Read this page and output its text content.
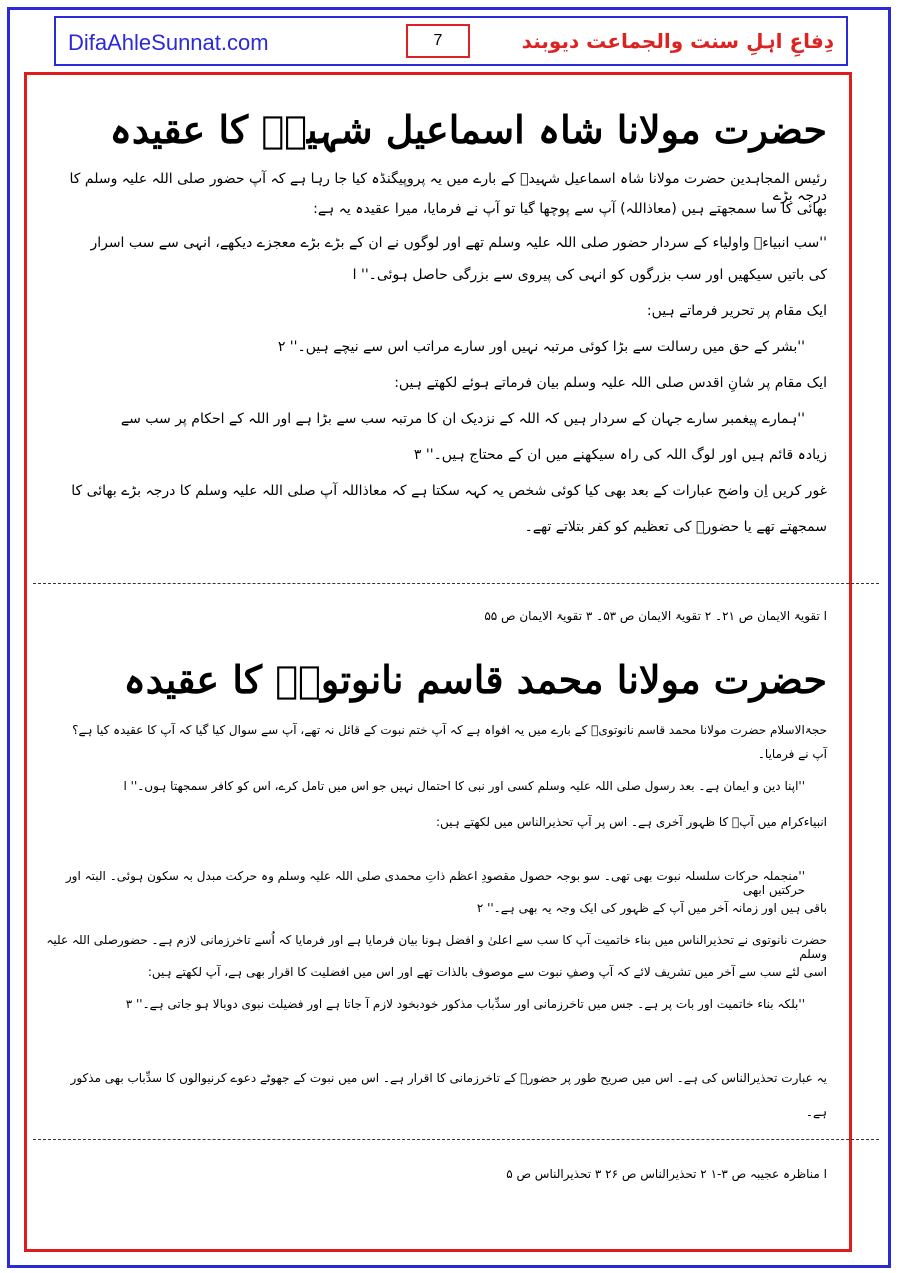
DifaAhleSunnat.com	7	دِفاعِ اہلِ سنت والجماعت دیوبند

حضرت مولانا شاہ اسماعیل شہیدؒ کا عقیدہ

رئیس المجاہدین حضرت مولانا شاہ اسماعیل شہیدؒ کے بارے میں یہ پروپیگنڈہ کیا جا رہا ہے کہ آپ حضور صلی اللہ علیہ وسلم کا درجہ بڑے

بھائی کا سا سمجھتے ہیں (معاذاللہ) آپ سے پوچھا گیا تو آپ نے فرمایا، میرا عقیدہ یہ ہے:

''سب انبیاءؑ واولیاء کے سردار حضور صلی اللہ علیہ وسلم تھے اور لوگوں نے ان کے بڑے بڑے معجزے دیکھے، انہی سے سب اسرار

کی باتیں سیکھیں اور سب بزرگوں کو انہی کی پیروی سے بزرگی حاصل ہوئی۔'' ا

ایک مقام پر تحریر فرماتے ہیں:

''بشر کے حق میں رسالت سے بڑا کوئی مرتبہ نہیں اور سارے مراتب اس سے نیچے ہیں۔'' ۲

ایک مقام پر شانِ اقدس صلی اللہ علیہ وسلم بیان فرماتے ہوئے لکھتے ہیں:

''ہمارے پیغمبر سارے جہان کے سردار ہیں کہ اللہ کے نزدیک ان کا مرتبہ سب سے بڑا ہے اور اللہ کے احکام پر سب سے

زیادہ قائم ہیں اور لوگ اللہ کی راہ سیکھنے میں ان کے محتاج ہیں۔'' ۳

غور کریں اِن واضح عبارات کے بعد بھی کیا کوئی شخص یہ کہہ سکتا ہے کہ معاذاللہ آپ صلی اللہ علیہ وسلم کا درجہ بڑے بھائی کا

سمجھتے تھے یا حضورؐ کی تعظیم کو کفر بتلاتے تھے۔

ا تقویۃ الایمان ص ۲۱۔ ۲ تقویۃ الایمان ص ۵۳۔ ۳ تقویۃ الایمان ص ۵۵

حضرت مولانا محمد قاسم نانوتویؒ کا عقیدہ

حجۃالاسلام حضرت مولانا محمد قاسم نانوتویؒ کے بارے میں یہ افواہ ہے کہ آپ ختم نبوت کے قائل نہ تھے، آپ سے سوال کیا گیا کہ آپ کا عقیدہ کیا ہے؟

آپ نے فرمایا۔

''اپنا دین و ایمان ہے۔ بعد رسول صلی اللہ علیہ وسلم کسی اور نبی کا احتمال نہیں جو اس میں تامل کرے، اس کو کافر سمجھتا ہوں۔'' ا

انبیاءکرام میں آپؐ کا ظہور آخری ہے۔ اس پر آپ تحذیرالناس میں لکھتے ہیں:

''منجملہ حرکات سلسلہ نبوت بھی تھی۔ سو بوجہ حصول مقصودِ اعظم ذاتِ محمدی صلی اللہ علیہ وسلم وہ حرکت مبدل بہ سکون ہوئی۔ البتہ اور حرکتیں ابھی

باقی ہیں اور زمانہ آخر میں آپ کے ظہور کی ایک وجہ یہ بھی ہے۔'' ۲

حضرت نانوتوی نے تحذیرالناس میں بناء خاتمیت آپ کا سب سے اعلیٰ و افضل ہونا بیان فرمایا ہے اور فرمایا کہ اُسے تاخرزمانی لازم ہے۔ حضورصلی اللہ علیہ وسلم

اسی لئے سب سے آخر میں تشریف لائے کہ آپ وصفِ نبوت سے موصوف بالذات تھے اور اس میں افضلیت کا اقرار بھی ہے، آپ لکھتے ہیں:

''بلکہ بناء خاتمیت اور بات پر ہے۔ جس میں تاخرزمانی اور سدِّباب مذکور خودبخود لازم آ جاتا ہے اور فضیلت نبوی دوبالا ہو جاتی ہے۔'' ۳

یہ عبارت تحذیرالناس کی ہے۔ اس میں صریح طور پر حضورؐ کے تاخرزمانی کا اقرار ہے۔ اس میں نبوت کے جھوٹے دعوے کرنیوالوں کا سدِّباب بھی مذکور

ہے۔

ا مناظرہ عجیبہ ص ۳-۱ ۲ تحذیرالناس ص ۲۶ ۳ تحذیرالناس ص ۵
